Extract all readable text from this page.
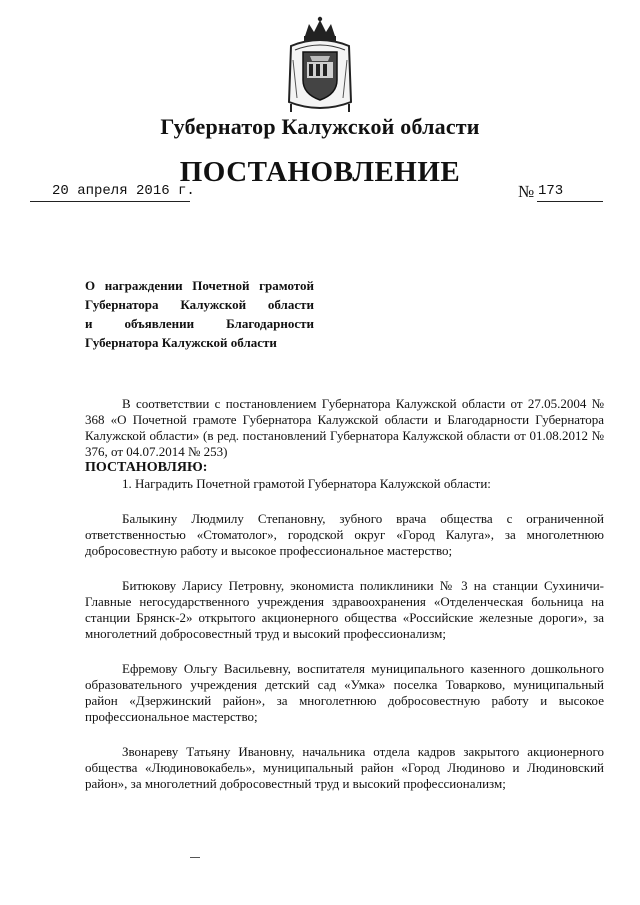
Губернатор Калужской области
ПОСТАНОВЛЕНИЕ
20 апреля 2016 г.	№ 173
О награждении Почетной грамотой
Губернатора Калужской области
и объявлении Благодарности
Губернатора Калужской области

В соответствии с постановлением Губернатора Калужской области от 27.05.2004 № 368 «О Почетной грамоте Губернатора Калужской области и Благодарности Губернатора Калужской области» (в ред. постановлений Губернатора Калужской области от 01.08.2012 № 376, от 04.07.2014 № 253)

ПОСТАНОВЛЯЮ:

1. Наградить Почетной грамотой Губернатора Калужской области:

Балыкину Людмилу Степановну, зубного врача общества с ограниченной ответственностью «Стоматолог», городской округ «Город Калуга», за многолетнюю добросовестную работу и высокое профессиональное мастерство;

Битюкову Ларису Петровну, экономиста поликлиники № 3 на станции Сухиничи-Главные негосударственного учреждения здравоохранения «Отделенческая больница на станции Брянск-2» открытого акционерного общества «Российские железные дороги», за многолетний добросовестный труд и высокий профессионализм;

Ефремову Ольгу Васильевну, воспитателя муниципального казенного дошкольного образовательного учреждения детский сад «Умка» поселка Товарково, муниципальный район «Дзержинский район», за многолетнюю добросовестную работу и высокое профессиональное мастерство;

Звонареву Татьяну Ивановну, начальника отдела кадров закрытого акционерного общества «Людиновокабель», муниципальный район «Город Людиново и Людиновский район», за многолетний добросовестный труд и высокий профессионализм;
